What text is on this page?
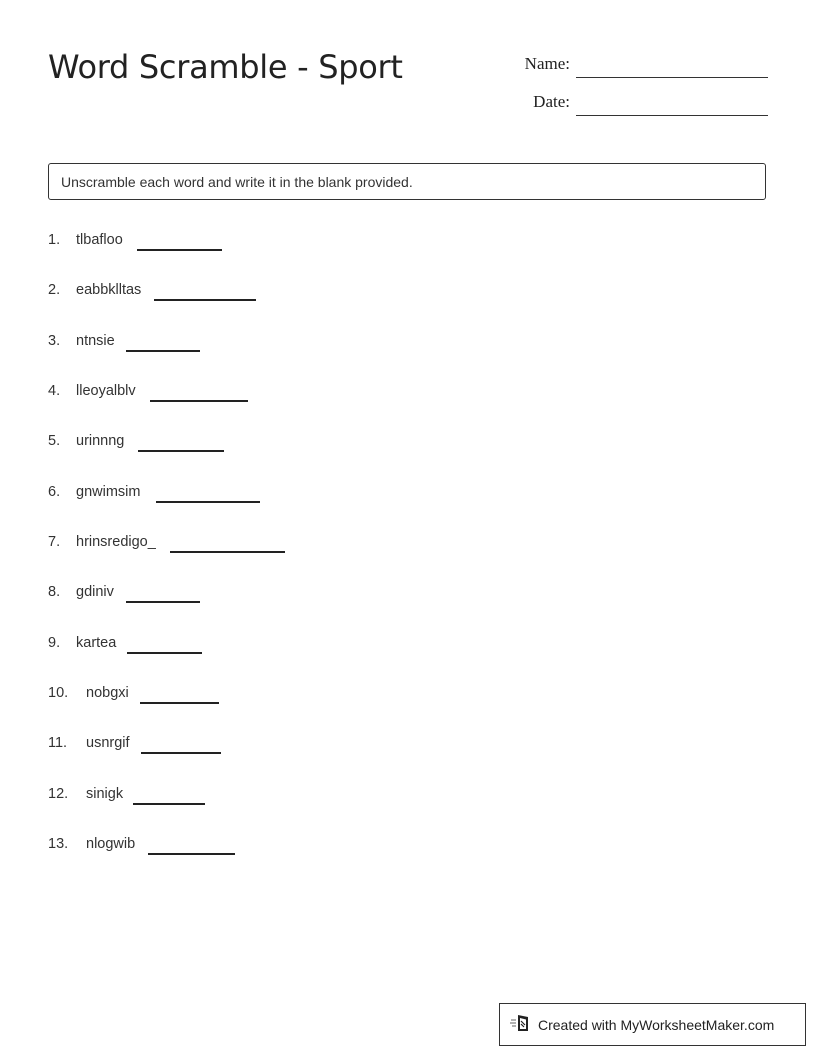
Word Scramble - Sport	Name:
Date:
Unscramble each word and write it in the blank provided.
1. tlbafloo
2. eabbklltas
3. ntnsie
4. lleoyalblv
5. urinnng
6. gnwimsim
7. hrinsredigo_
8. gdiniv
9. kartea
10. nobgxi
11. usnrgif
12. sinigk
13. nlogwib
Created with MyWorksheetMaker.com
